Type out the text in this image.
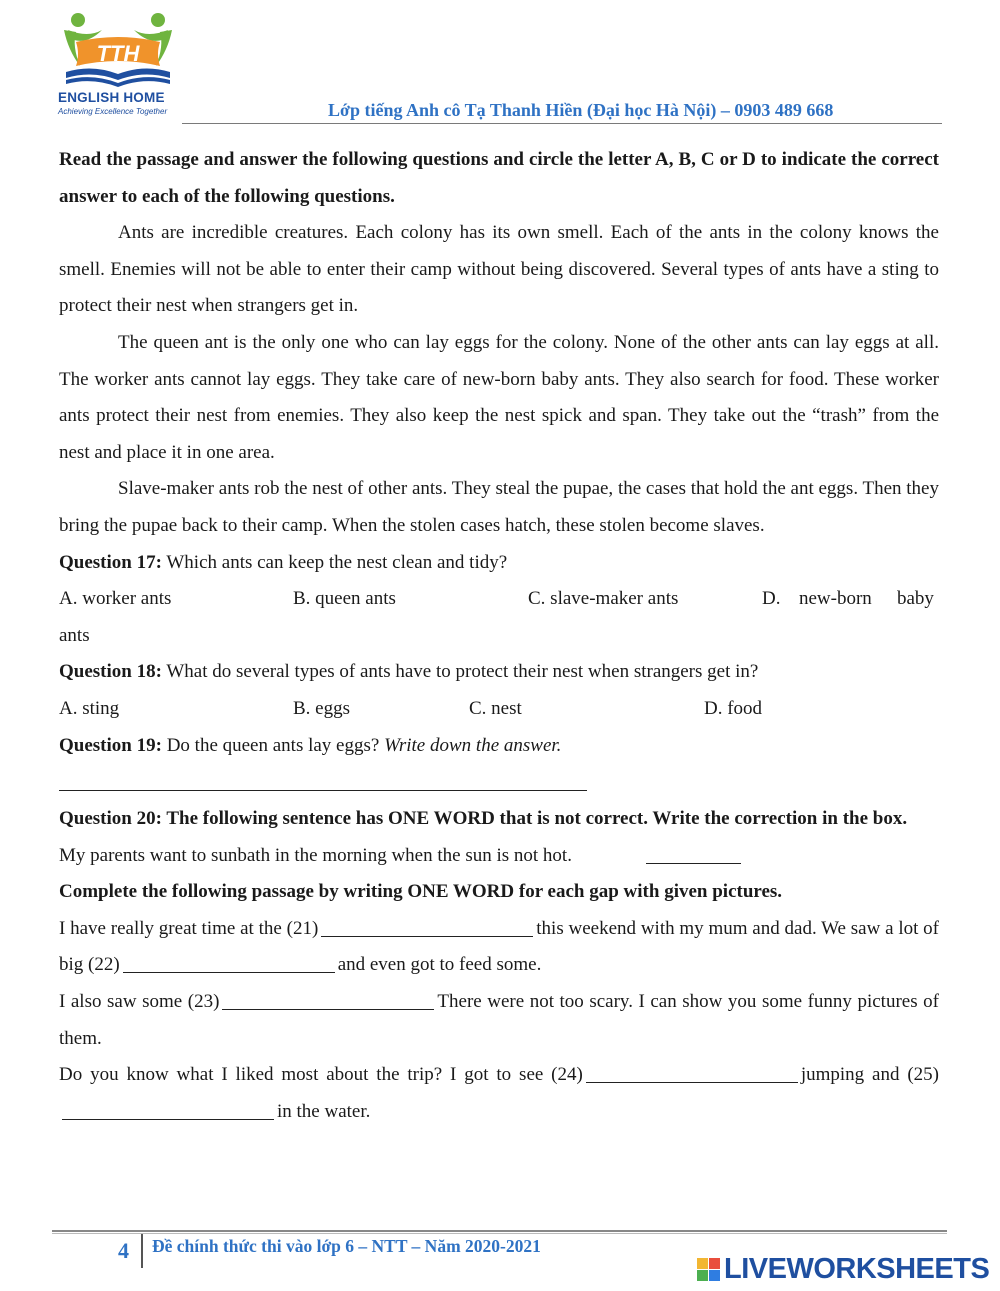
TTH
ENGLISH HOME
Achieving Excellence Together	Lớp tiếng Anh cô Tạ Thanh Hiền (Đại học Hà Nội) – 0903 489 668

Read the passage and answer the following questions and circle the letter A, B, C or D to indicate the correct answer to each of the following questions.

Ants are incredible creatures. Each colony has its own smell. Each of the ants in the colony knows the smell. Enemies will not be able to enter their camp without being discovered. Several types of ants have a sting to protect their nest when strangers get in.

The queen ant is the only one who can lay eggs for the colony. None of the other ants can lay eggs at all. The worker ants cannot lay eggs. They take care of new-born baby ants. They also search for food. These worker ants protect their nest from enemies. They also keep the nest spick and span. They take out the “trash” from the nest and place it in one area.

Slave-maker ants rob the nest of other ants. They steal the pupae, the cases that hold the ant eggs. Then they bring the pupae back to their camp. When the stolen cases hatch, these stolen become slaves.

Question 17: Which ants can keep the nest clean and tidy?

A. worker ants	B. queen ants	C. slave-maker ants	D. new-born baby

ants

Question 18: What do several types of ants have to protect their nest when strangers get in?

A. sting	B. eggs	C. nest	D. food

Question 19: Do the queen ants lay eggs? Write down the answer.

Question 20: The following sentence has ONE WORD that is not correct. Write the correction in the box.

My parents want to sunbath in the morning when the sun is not hot.

Complete the following passage by writing ONE WORD for each gap with given pictures.

I have really great time at the (21)	this weekend with my mum and dad. We saw a lot of big (22)	and even got to feed some.

I also saw some (23)	There were not too scary. I can show you some funny pictures of them.

Do you know what I liked most about the trip? I got to see (24)	jumping and (25)in the water.

4 Đề chính thức thi vào lớp 6 – NTT – Năm 2020-2021
LIVEWORKSHEETS
